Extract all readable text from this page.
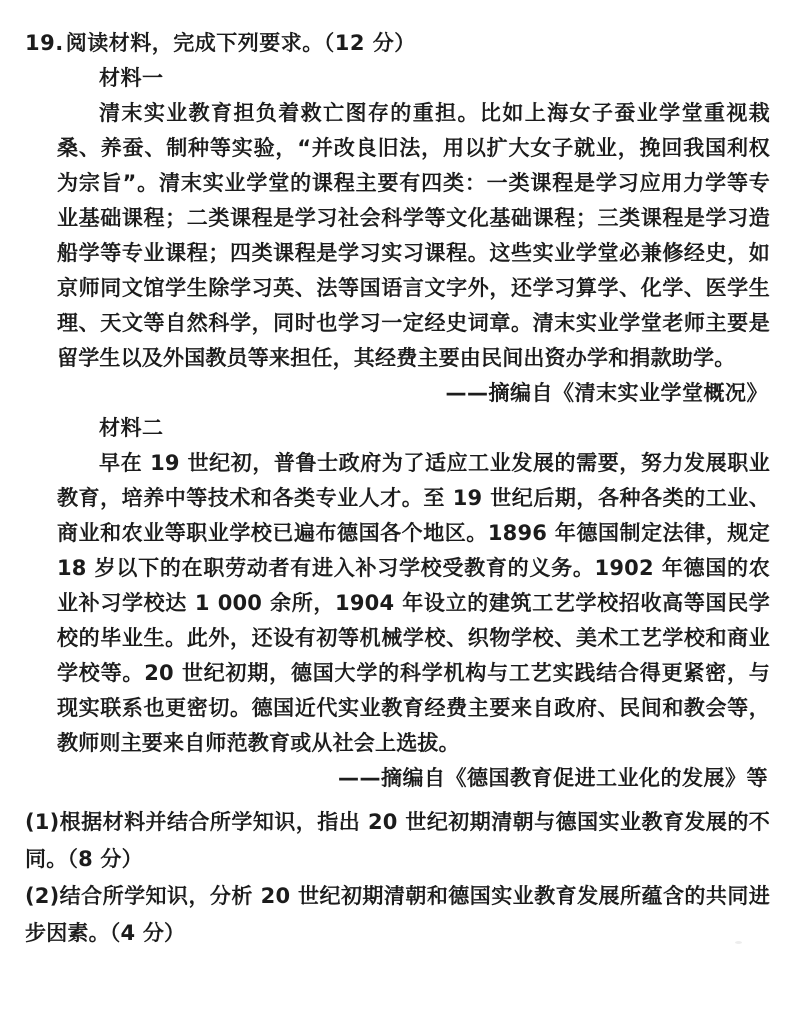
19.阅读材料，完成下列要求。（12 分）
材料一
清末实业教育担负着救亡图存的重担。比如上海女子蚕业学堂重视栽桑、养蚕、制种等实验，“并改良旧法，用以扩大女子就业，挽回我国利权为宗旨”。清末实业学堂的课程主要有四类：一类课程是学习应用力学等专业基础课程；二类课程是学习社会科学等文化基础课程；三类课程是学习造船学等专业课程；四类课程是学习实习课程。这些实业学堂必兼修经史，如京师同文馆学生除学习英、法等国语言文字外，还学习算学、化学、医学生理、天文等自然科学，同时也学习一定经史词章。清末实业学堂老师主要是留学生以及外国教员等来担任，其经费主要由民间出资办学和捐款助学。
——摘编自《清末实业学堂概况》
材料二
早在 19 世纪初，普鲁士政府为了适应工业发展的需要，努力发展职业教育，培养中等技术和各类专业人才。至 19 世纪后期，各种各类的工业、商业和农业等职业学校已遍布德国各个地区。1896 年德国制定法律，规定 18 岁以下的在职劳动者有进入补习学校受教育的义务。1902 年德国的农业补习学校达 1 000 余所，1904 年设立的建筑工艺学校招收高等国民学校的毕业生。此外，还设有初等机械学校、织物学校、美术工艺学校和商业学校等。20 世纪初期，德国大学的科学机构与工艺实践结合得更紧密，与现实联系也更密切。德国近代实业教育经费主要来自政府、民间和教会等，教师则主要来自师范教育或从社会上选拔。
——摘编自《德国教育促进工业化的发展》等
(1)根据材料并结合所学知识，指出 20 世纪初期清朝与德国实业教育发展的不同。（8 分）
(2)结合所学知识，分析 20 世纪初期清朝和德国实业教育发展所蕴含的共同进步因素。（4 分）
